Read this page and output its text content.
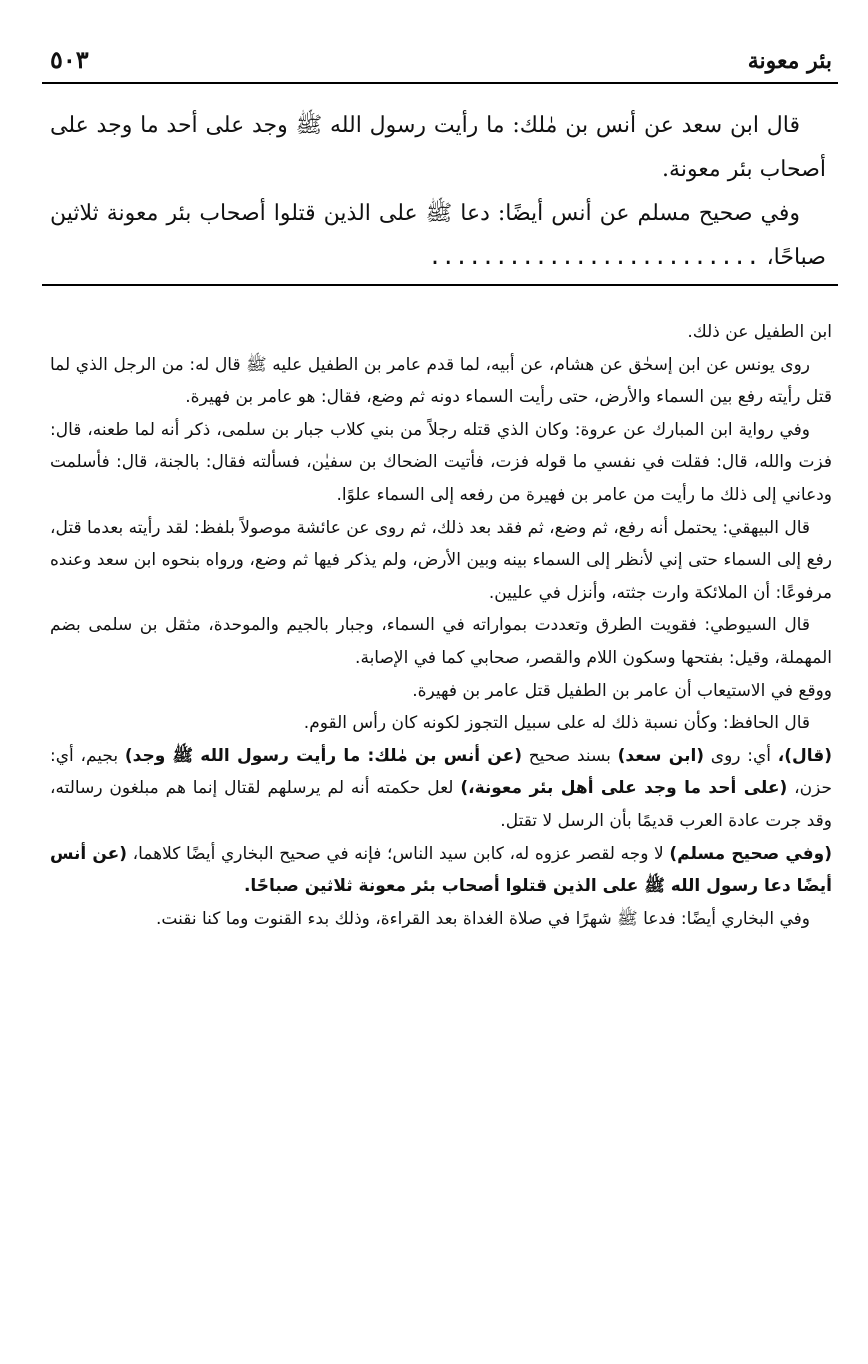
بئر معونة
٥٠٣

قال ابن سعد عن أنس بن مٰلك: ما رأيت رسول الله ﷺ وجد على أحد ما وجد على أصحاب بئر معونة.

وفي صحيح مسلم عن أنس أيضًا: دعا ﷺ على الذين قتلوا أصحاب بئر معونة ثلاثين صباحًا، .........................

ابن الطفيل عن ذلك.

روى يونس عن ابن إسحٰق عن هشام، عن أبيه، لما قدم عامر بن الطفيل عليه ﷺ قال له: من الرجل الذي لما قتل رأيته رفع بين السماء والأرض، حتى رأيت السماء دونه ثم وضع، فقال: هو عامر بن فهيرة.

وفي رواية ابن المبارك عن عروة: وكان الذي قتله رجلاً من بني كلاب جبار بن سلمى، ذكر أنه لما طعنه، قال: فزت والله، قال: فقلت في نفسي ما قوله فزت، فأتيت الضحاك بن سفيٰن، فسألته فقال: بالجنة، قال: فأسلمت ودعاني إلى ذلك ما رأيت من عامر بن فهيرة من رفعه إلى السماء علوًا.

قال البيهقي: يحتمل أنه رفع، ثم وضع، ثم فقد بعد ذلك، ثم روى عن عائشة موصولاً بلفظ: لقد رأيته بعدما قتل، رفع إلى السماء حتى إني لأنظر إلى السماء بينه وبين الأرض، ولم يذكر فيها ثم وضع، ورواه بنحوه ابن سعد وعنده مرفوعًا: أن الملائكة وارت جثته، وأنزل في عليين.

قال السيوطي: فقويت الطرق وتعددت بمواراته في السماء، وجبار بالجيم والموحدة، مثقل بن سلمى بضم المهملة، وقيل: بفتحها وسكون اللام والقصر، صحابي كما في الإصابة.

ووقع في الاستيعاب أن عامر بن الطفيل قتل عامر بن فهيرة.

قال الحافظ: وكأن نسبة ذلك له على سبيل التجوز لكونه كان رأس القوم.

(قال)، أي: روى (ابن سعد) بسند صحيح (عن أنس بن مٰلك: ما رأيت رسول الله ﷺ وجد) بجيم، أي: حزن، (على أحد ما وجد على أهل بئر معونة،) لعل حكمته أنه لم يرسلهم لقتال إنما هم مبلغون رسالته، وقد جرت عادة العرب قديمًا بأن الرسل لا تقتل.

(وفي صحيح مسلم) لا وجه لقصر عزوه له، كابن سيد الناس؛ فإنه في صحيح البخاري أيضًا كلاهما، (عن أنس أيضًا دعا رسول الله ﷺ على الذين قتلوا أصحاب بئر معونة ثلاثين صباحًا.

وفي البخاري أيضًا: فدعا ﷺ شهرًا في صلاة الغداة بعد القراءة، وذلك بدء القنوت وما كنا نقنت.
